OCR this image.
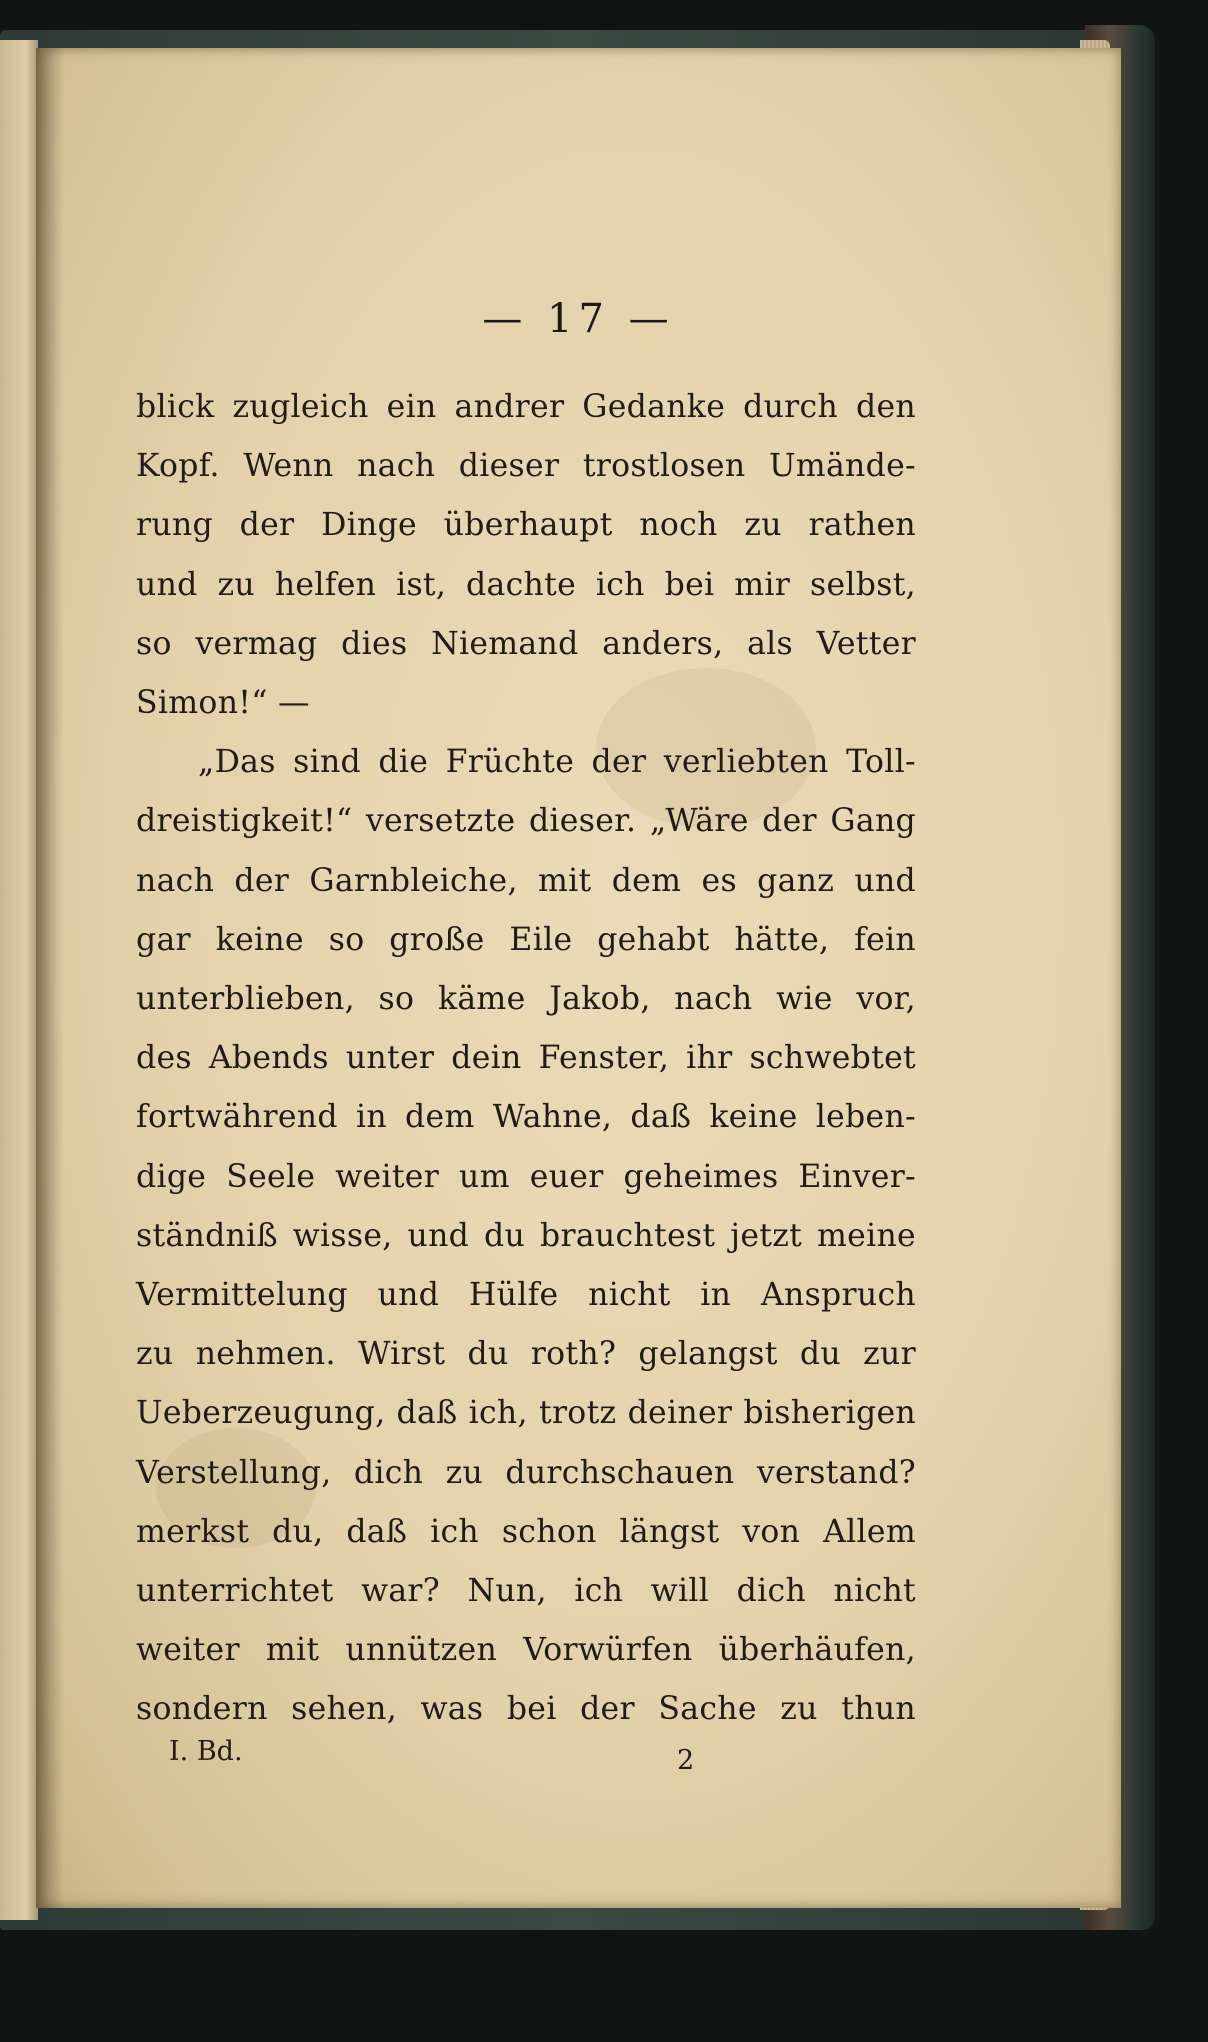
— 17 —
blick zugleich ein andrer Gedanke durch den
Kopf. Wenn nach dieser trostlosen Umände-
rung der Dinge überhaupt noch zu rathen
und zu helfen ist, dachte ich bei mir selbst,
so vermag dies Niemand anders, als Vetter
Simon!“ —
„Das sind die Früchte der verliebten Toll-
dreistigkeit!“ versetzte dieser. „Wäre der Gang
nach der Garnbleiche, mit dem es ganz und
gar keine so große Eile gehabt hätte, fein
unterblieben, so käme Jakob, nach wie vor,
des Abends unter dein Fenster, ihr schwebtet
fortwährend in dem Wahne, daß keine leben-
dige Seele weiter um euer geheimes Einver-
ständniß wisse, und du brauchtest jetzt meine
Vermittelung und Hülfe nicht in Anspruch
zu nehmen. Wirst du roth? gelangst du zur
Ueberzeugung, daß ich, trotz deiner bisherigen
Verstellung, dich zu durchschauen verstand?
merkst du, daß ich schon längst von Allem
unterrichtet war? Nun, ich will dich nicht
weiter mit unnützen Vorwürfen überhäufen,
sondern sehen, was bei der Sache zu thun
I. Bd.	2
